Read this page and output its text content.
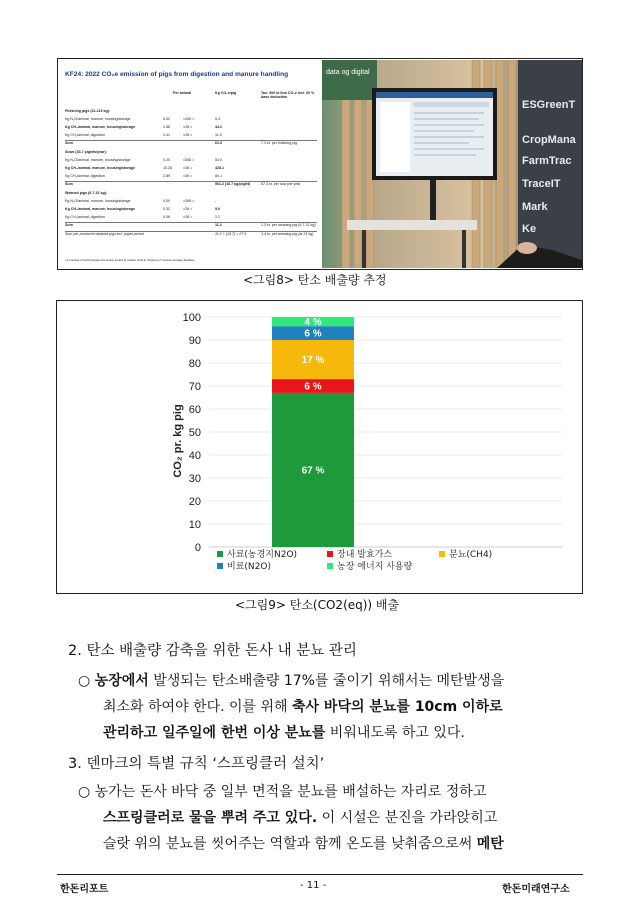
KF24: 2022 CO₂e emission of pigs from digestion and manure handling
Per animal	Kg CO₂e/pig	Tax: 300 kr./ton CO₂e incl. 60 % base deduction
Finishing pigs (31-115 kg):
Kg N₂O/animal, manure, housing/storage	0.02	×265 =	5.3
Kg CH₄/animal, manure, housing/storage	1.58	×28 =	44.2
Kg CH₄/animal, digestion	0.41	×28 =	11.5
Sum	61.0	7.3 kr. per finishing pig
Sows (33.7 piglets/year):
Kg N₂O/animal, manure, housing/storage	0.20	×265 =	53.0
Kg CH₄/animal, manure, housing/storage	15.26	×28 =	428.1
Kg CH₄/animal, digestion	2.89	×28 =	80.1
Sum	561.2 (16.7 kg/piglet)	67.3 kr. per sow per year
Weaned pigs (6.7-31 kg):
Kg N₂O/animal, manure, housing/storage	0.00	×265 =	-
Kg CH₄/animal, manure, housing/storage	0.32	×28 =	9.0
Kg CH₄/animal, digestion	0.08	×28 =	2.2
Sum	11.2	1.3 kr. per weaning pig (6.7-31 kg)
Sum per produced weaned pigs incl. piglet period	11.2 + (16.7) = 27.9	3.4 kr. per weaning pig (at 31 kg)
¹ A number of technologies are being tested to reduce CH4 in housing of manure storage facilities
data og digital
ESGreenT
CropMana
FarmTrac
TraceIT
Mark
Ke
<그림8> 탄소 배출량 추정
0
10
20
30
40
50
60
70
80
90
100
67 %
6 %
17 %
6 %
4 %
CO₂ pr. kg pig
사료(농경지N2O)	장내 발효가스	분뇨(CH4)
비료(N2O)	농장 에너지 사용량
<그림9> 탄소(CO2(eq)) 배출
2. 탄소 배출량 감축을 위한 돈사 내 분뇨 관리
○ 농장에서 발생되는 탄소배출량 17%를 줄이기 위해서는 메탄발생을
최소화 하여야 한다. 이를 위해 축사 바닥의 분뇨를 10cm 이하로
관리하고 일주일에 한번 이상 분뇨를 비워내도록 하고 있다.
3. 덴마크의 특별 규칙 ‘스프링클러 설치’
○ 농가는 돈사 바닥 중 일부 면적을 분뇨를 배설하는 자리로 정하고
스프링클러로 물을 뿌려 주고 있다. 이 시설은 분진을 가라앉히고
슬랏 위의 분뇨를 씻어주는 역할과 함께 온도를 낮춰줌으로써 메탄
한돈리포트	- 11 -	한돈미래연구소
